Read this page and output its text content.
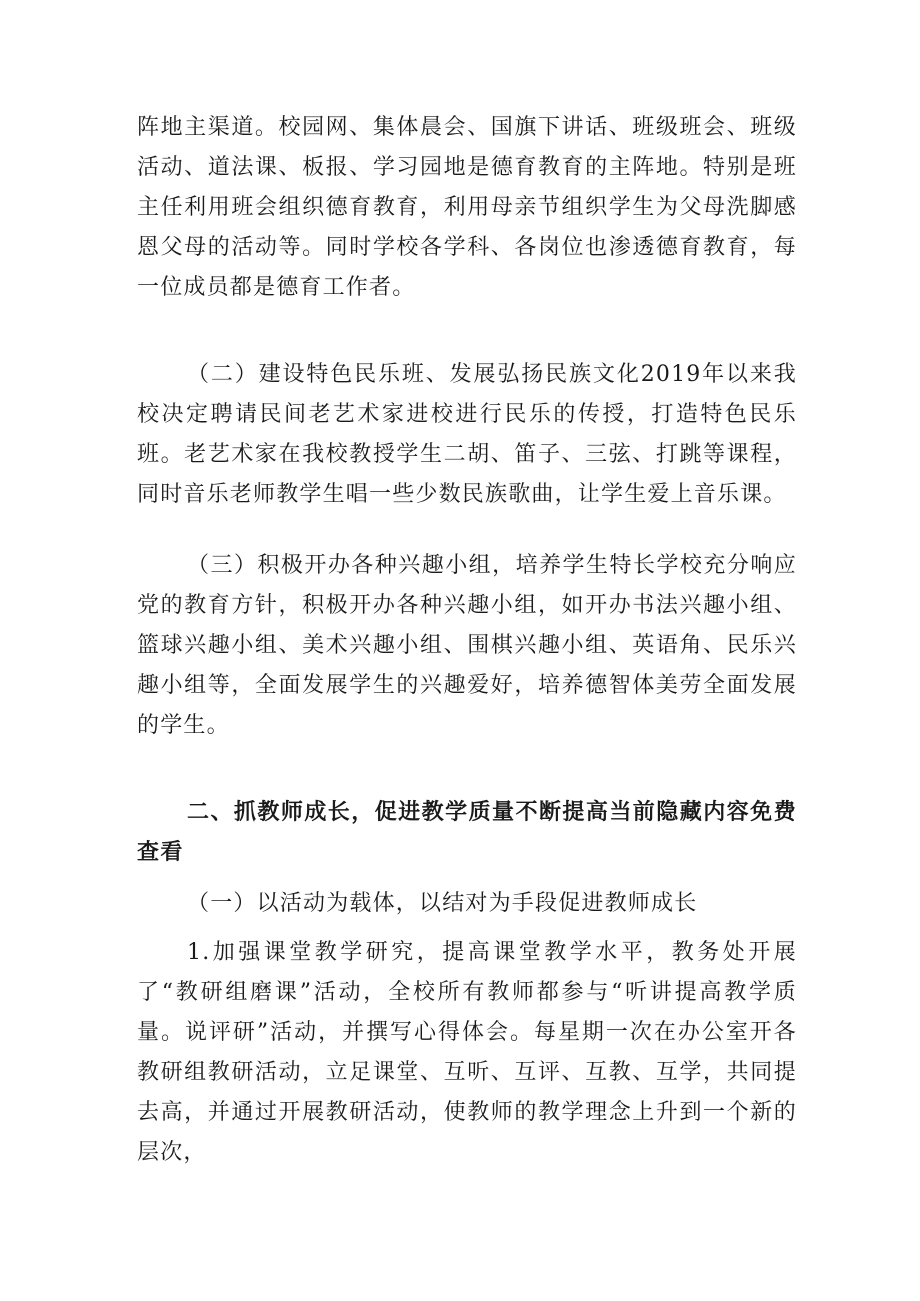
阵地主渠道。校园网、集体晨会、国旗下讲话、班级班会、班级活动、道法课、板报、学习园地是德育教育的主阵地。特别是班主任利用班会组织德育教育，利用母亲节组织学生为父母洗脚感恩父母的活动等。同时学校各学科、各岗位也渗透德育教育，每一位成员都是德育工作者。

（二）建设特色民乐班、发展弘扬民族文化2019年以来我校决定聘请民间老艺术家进校进行民乐的传授，打造特色民乐班。老艺术家在我校教授学生二胡、笛子、三弦、打跳等课程，同时音乐老师教学生唱一些少数民族歌曲，让学生爱上音乐课。

（三）积极开办各种兴趣小组，培养学生特长学校充分响应党的教育方针，积极开办各种兴趣小组，如开办书法兴趣小组、篮球兴趣小组、美术兴趣小组、围棋兴趣小组、英语角、民乐兴趣小组等，全面发展学生的兴趣爱好，培养德智体美劳全面发展的学生。

二、抓教师成长，促进教学质量不断提高当前隐藏内容免费查看

（一）以活动为载体，以结对为手段促进教师成长

1.加强课堂教学研究，提高课堂教学水平，教务处开展了“教研组磨课”活动，全校所有教师都参与“听讲提高教学质量。说评研”活动，并撰写心得体会。每星期一次在办公室开各教研组教研活动，立足课堂、互听、互评、互教、互学，共同提去高，并通过开展教研活动，使教师的教学理念上升到一个新的层次，
